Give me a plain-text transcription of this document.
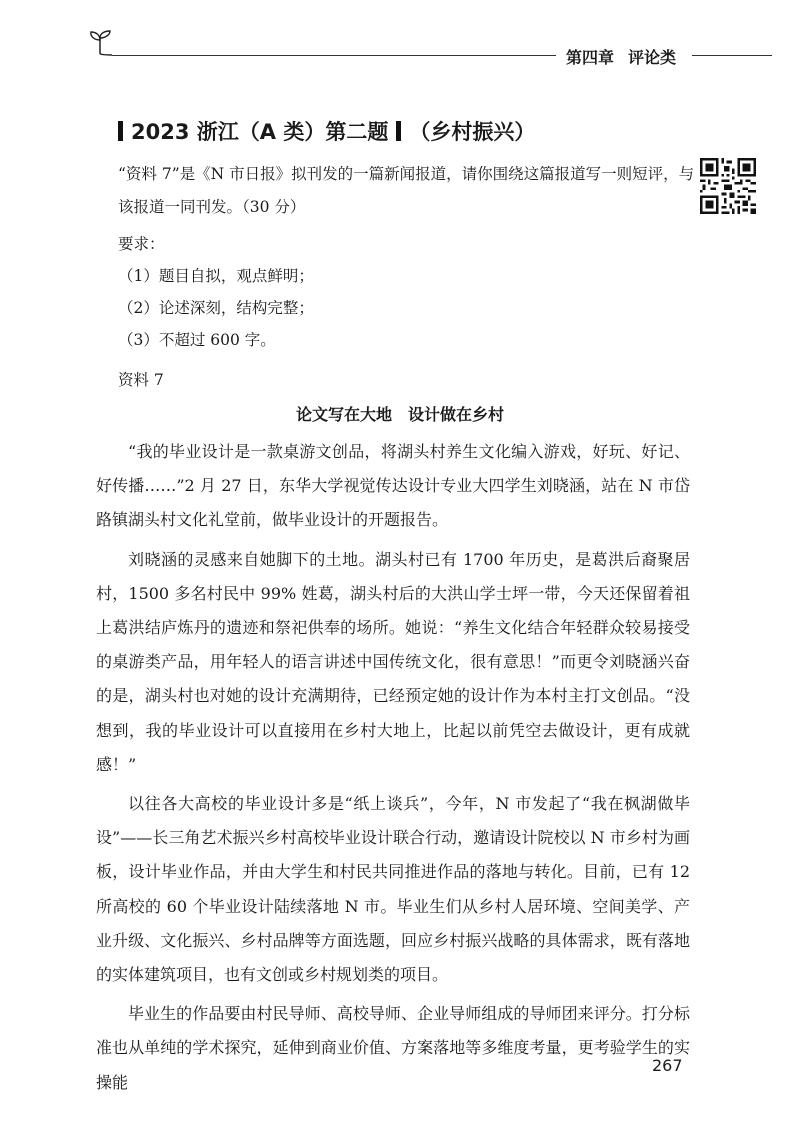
第四章 评论类
2023 浙江（A 类）第二题 （乡村振兴）

“资料 7”是《N 市日报》拟刊发的一篇新闻报道，请你围绕这篇报道写一则短评，与该报道一同刊发。（30 分）

要求：
（1）题目自拟，观点鲜明；
（2）论述深刻，结构完整；
（3）不超过 600 字。
资料 7
论文写在大地 设计做在乡村

“我的毕业设计是一款桌游文创品，将湖头村养生文化编入游戏，好玩、好记、好传播……”2 月 27 日，东华大学视觉传达设计专业大四学生刘晓涵，站在 N 市岱路镇湖头村文化礼堂前，做毕业设计的开题报告。

刘晓涵的灵感来自她脚下的土地。湖头村已有 1700 年历史，是葛洪后裔聚居村，1500 多名村民中 99% 姓葛，湖头村后的大洪山学士坪一带，今天还保留着祖上葛洪结庐炼丹的遗迹和祭祀供奉的场所。她说：“养生文化结合年轻群众较易接受的桌游类产品，用年轻人的语言讲述中国传统文化，很有意思！”而更令刘晓涵兴奋的是，湖头村也对她的设计充满期待，已经预定她的设计作为本村主打文创品。“没想到，我的毕业设计可以直接用在乡村大地上，比起以前凭空去做设计，更有成就感！”

以往各大高校的毕业设计多是“纸上谈兵”，今年，N 市发起了“我在枫湖做毕设”——长三角艺术振兴乡村高校毕业设计联合行动，邀请设计院校以 N 市乡村为画板，设计毕业作品，并由大学生和村民共同推进作品的落地与转化。目前，已有 12 所高校的 60 个毕业设计陆续落地 N 市。毕业生们从乡村人居环境、空间美学、产业升级、文化振兴、乡村品牌等方面选题，回应乡村振兴战略的具体需求，既有落地的实体建筑项目，也有文创或乡村规划类的项目。

毕业生的作品要由村民导师、高校导师、企业导师组成的导师团来评分。打分标准也从单纯的学术探究，延伸到商业价值、方案落地等多维度考量，更考验学生的实操能

267
